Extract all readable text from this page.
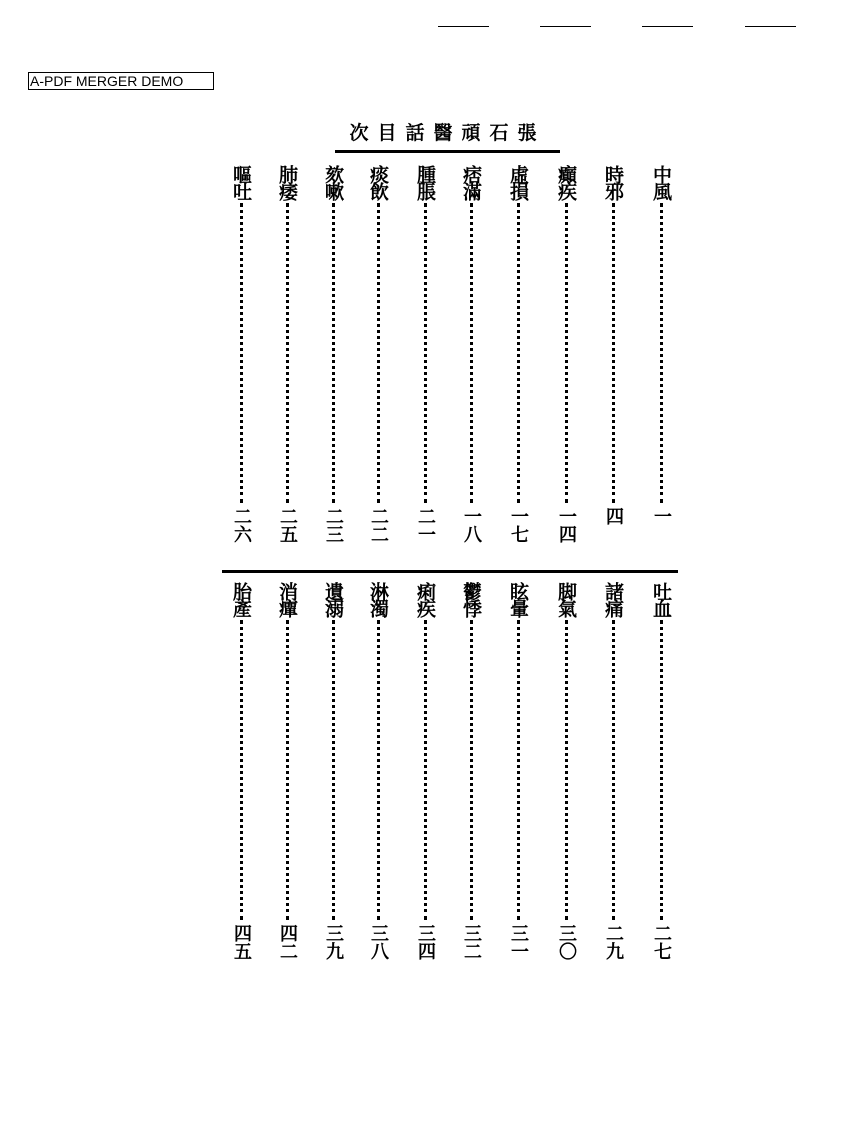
A-PDF MERGER DEMO
張石頑醫話目次
中風
一
時邪
四
癲疾
一四
虛損
一七
痞滿
一八
腫脹
二一
痰飲
二二
欬嗽
二三
肺痿
二五
嘔吐
二六
吐血
二七
諸痛
二九
脚氣
三〇
眩暈
三一
鬱悸
三二
痢疾
三四
淋濁
三八
遺溺
三九
消癉
四二
胎產
四五
